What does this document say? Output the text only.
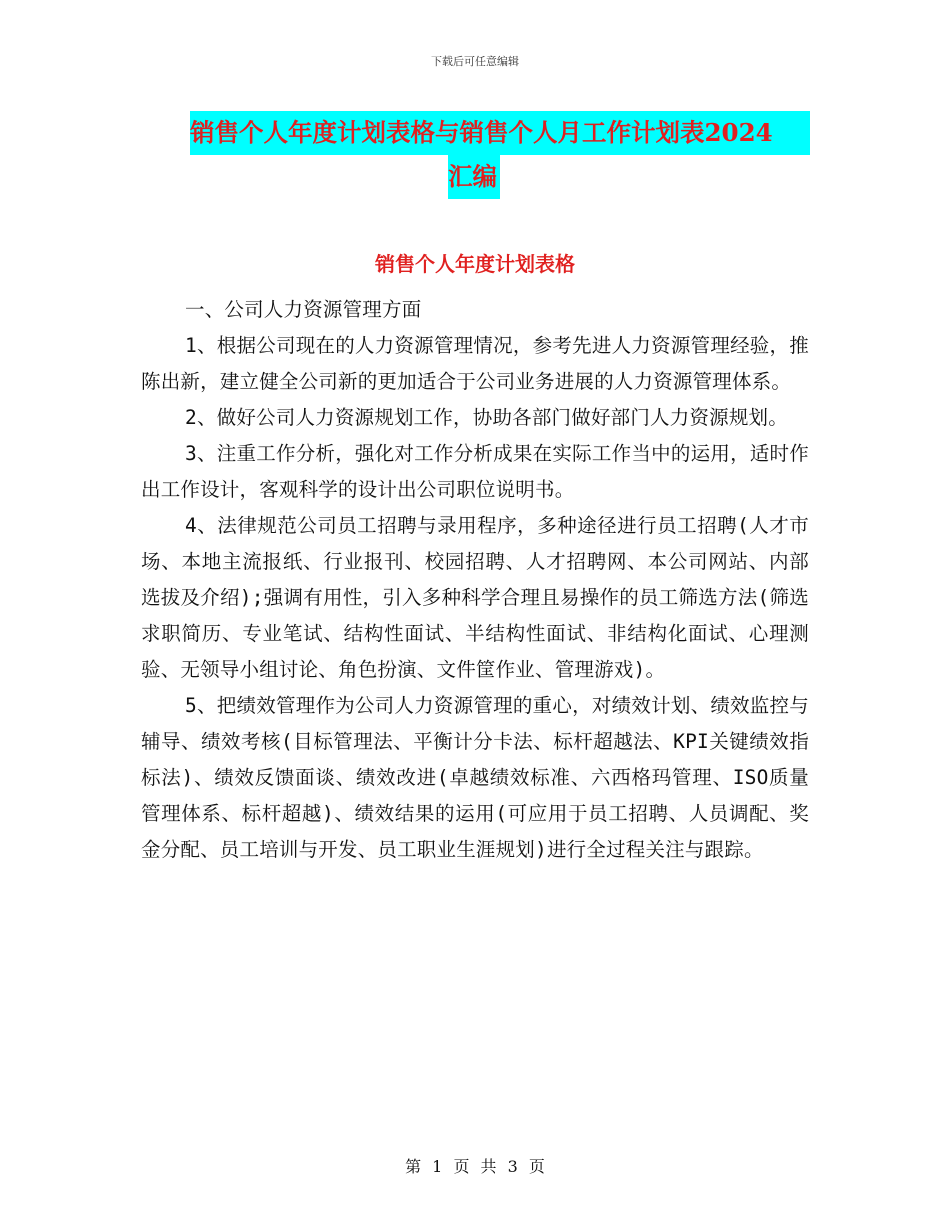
下载后可任意编辑
销售个人年度计划表格与销售个人月工作计划表2024
汇编
销售个人年度计划表格

一、公司人力资源管理方面

1、根据公司现在的人力资源管理情况，参考先进人力资源管理经验，推陈出新，建立健全公司新的更加适合于公司业务进展的人力资源管理体系。

2、做好公司人力资源规划工作，协助各部门做好部门人力资源规划。

3、注重工作分析，强化对工作分析成果在实际工作当中的运用，适时作出工作设计，客观科学的设计出公司职位说明书。

4、法律规范公司员工招聘与录用程序，多种途径进行员工招聘(人才市场、本地主流报纸、行业报刊、校园招聘、人才招聘网、本公司网站、内部选拔及介绍);强调有用性，引入多种科学合理且易操作的员工筛选方法(筛选求职简历、专业笔试、结构性面试、半结构性面试、非结构化面试、心理测验、无领导小组讨论、角色扮演、文件筐作业、管理游戏)。

5、把绩效管理作为公司人力资源管理的重心，对绩效计划、绩效监控与辅导、绩效考核(目标管理法、平衡计分卡法、标杆超越法、KPI关键绩效指标法)、绩效反馈面谈、绩效改进(卓越绩效标准、六西格玛管理、ISO质量管理体系、标杆超越)、绩效结果的运用(可应用于员工招聘、人员调配、奖金分配、员工培训与开发、员工职业生涯规划)进行全过程关注与跟踪。

第 1 页 共 3 页
